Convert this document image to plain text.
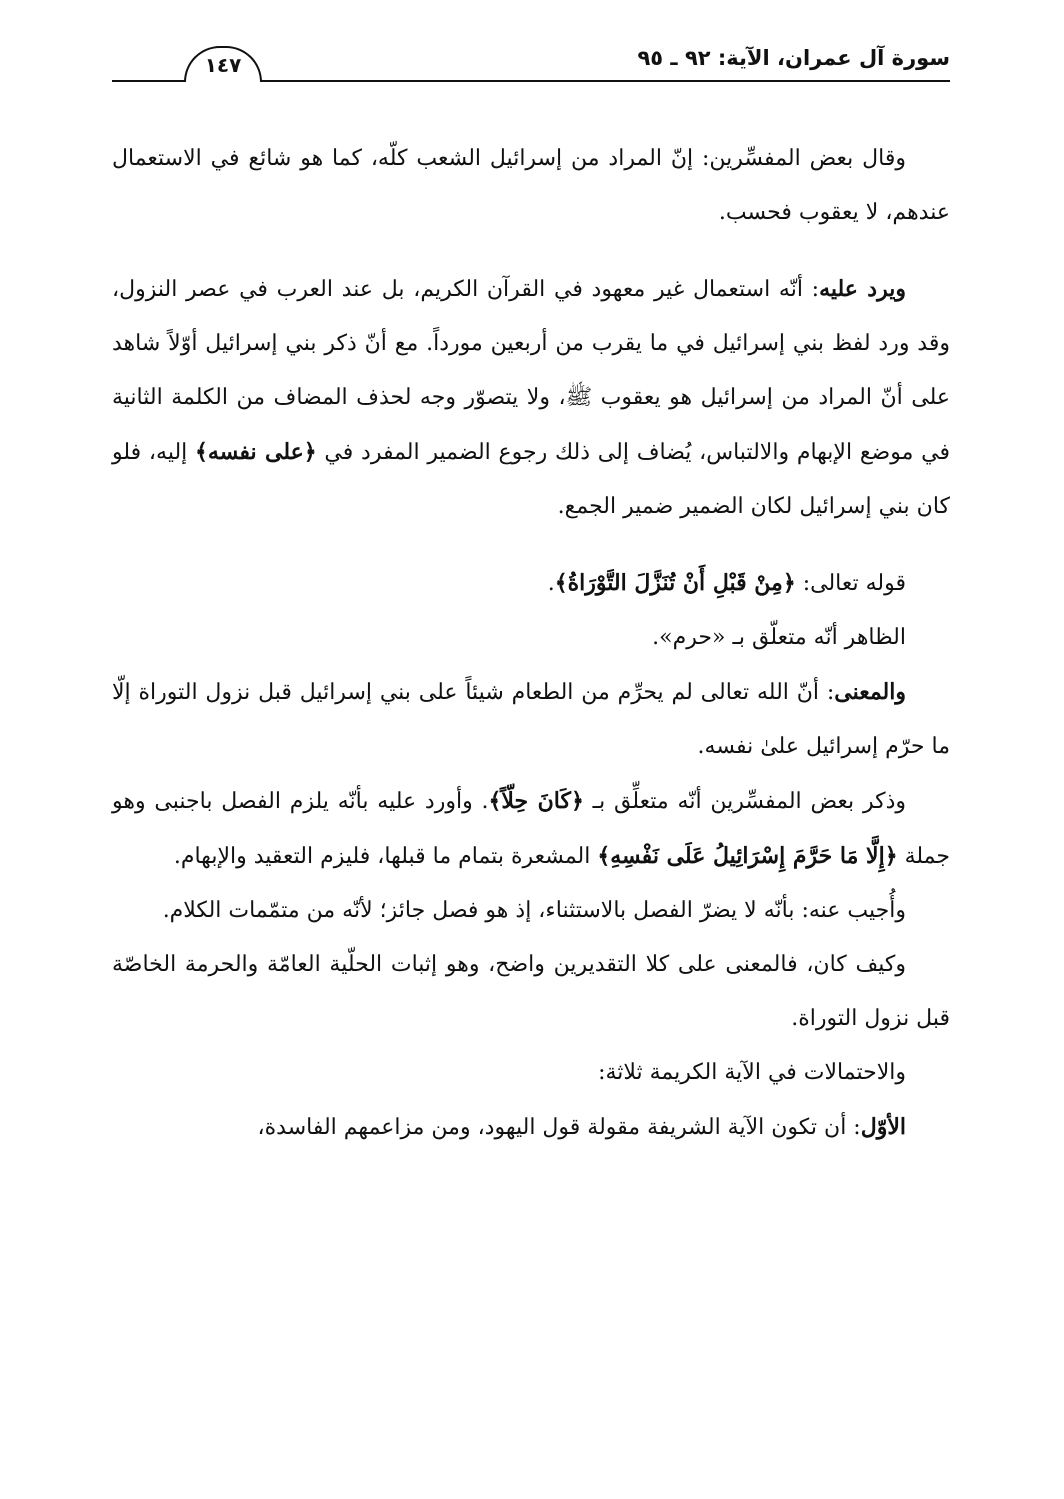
سورة آل عمران، الآية: ٩٢ ـ ٩٥
١٤٧

وقال بعض المفسِّرين: إنّ المراد من إسرائيل الشعب كلّه، كما هو شائع في الاستعمال عندهم، لا يعقوب فحسب.

ويرد عليه: أنّه استعمال غير معهود في القرآن الكريم، بل عند العرب في عصر النزول، وقد ورد لفظ بني إسرائيل في ما يقرب من أربعين مورداً. مع أنّ ذكر بني إسرائيل أوّلاً شاهد على أنّ المراد من إسرائيل هو يعقوب ﷺ، ولا يتصوّر وجه لحذف المضاف من الكلمة الثانية في موضع الإبهام والالتباس، يُضاف إلى ذلك رجوع الضمير المفرد في ﴿على نفسه﴾ إليه، فلو كان بني إسرائيل لكان الضمير ضمير الجمع.

قوله تعالى: ﴿مِنْ قَبْلِ أَنْ تُنَزَّلَ التَّوْرَاةُ﴾.

الظاهر أنّه متعلّق بـ «حرم».

والمعنى: أنّ الله تعالى لم يحرِّم من الطعام شيئاً على بني إسرائيل قبل نزول التوراة إلّا ما حرّم إسرائيل علىٰ نفسه.

وذكر بعض المفسِّرين أنّه متعلِّق بـ ﴿كَانَ حِلّاً﴾. وأورد عليه بأنّه يلزم الفصل باجنبى وهو جملة ﴿إِلَّا مَا حَرَّمَ إِسْرَائِيلُ عَلَى نَفْسِهِ﴾ المشعرة بتمام ما قبلها، فليزم التعقيد والإبهام.

وأُجيب عنه: بأنّه لا يضرّ الفصل بالاستثناء، إذ هو فصل جائز؛ لأنّه من متمّمات الكلام.

وكيف كان، فالمعنى على كلا التقديرين واضح، وهو إثبات الحلّية العامّة والحرمة الخاصّة قبل نزول التوراة.

والاحتمالات في الآية الكريمة ثلاثة:

الأوّل: أن تكون الآية الشريفة مقولة قول اليهود، ومن مزاعمهم الفاسدة،
